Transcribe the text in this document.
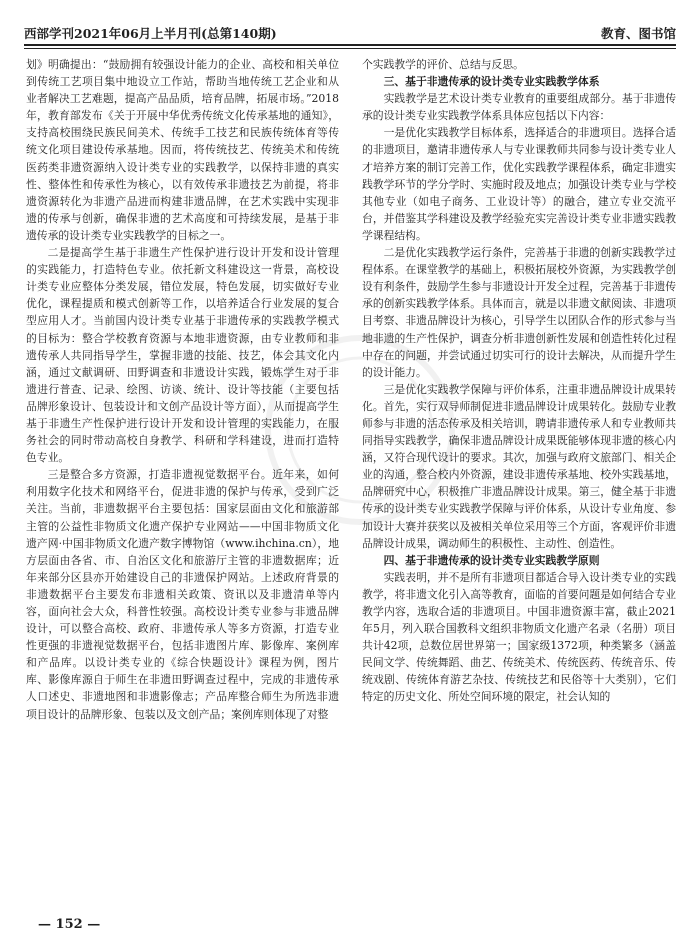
西部学刊2021年06月上半月刊(总第140期)	教育、图书馆

划》明确提出：“鼓励拥有较强设计能力的企业、高校和相关单位到传统工艺项目集中地设立工作站，帮助当地传统工艺企业和从业者解决工艺难题，提高产品品质，培育品牌，拓展市场。”2018年，教育部发布《关于开展中华优秀传统文化传承基地的通知》，支持高校围绕民族民间美术、传统手工技艺和民族传统体育等传统文化项目建设传承基地。因而，将传统技艺、传统美术和传统医药类非遗资源纳入设计类专业的实践教学，以保持非遗的真实性、整体性和传承性为核心，以有效传承非遗技艺为前提，将非遗资源转化为非遗产品进而构建非遗品牌，在艺术实践中实现非遗的传承与创新，确保非遗的艺术高度和可持续发展，是基于非遗传承的设计类专业实践教学的目标之一。

二是提高学生基于非遗生产性保护进行设计开发和设计管理的实践能力，打造特色专业。依托新文科建设这一背景，高校设计类专业应整体分类发展，错位发展，特色发展，切实做好专业优化，课程提质和模式创新等工作，以培养适合行业发展的复合型应用人才。当前国内设计类专业基于非遗传承的实践教学模式的目标为：整合学校教育资源与本地非遗资源，由专业教师和非遗传承人共同指导学生，掌握非遗的技能、技艺，体会其文化内涵，通过文献调研、田野调查和非遗设计实践，锻炼学生对于非遗进行普查、记录、绘图、访谈、统计、设计等技能（主要包括品牌形象设计、包装设计和文创产品设计等方面），从而提高学生基于非遗生产性保护进行设计开发和设计管理的实践能力，在服务社会的同时带动高校自身教学、科研和学科建设，进而打造特色专业。

三是整合多方资源，打造非遗视觉数据平台。近年来，如何利用数字化技术和网络平台，促进非遗的保护与传承，受到广泛关注。当前，非遗数据平台主要包括：国家层面由文化和旅游部主管的公益性非物质文化遗产保护专业网站——中国非物质文化遗产网·中国非物质文化遗产数字博物馆（www.ihchina.cn），地方层面由各省、市、自治区文化和旅游厅主管的非遗数据库；近年来部分区县亦开始建设自己的非遗保护网站。上述政府背景的非遗数据平台主要发布非遗相关政策、资讯以及非遗清单等内容，面向社会大众，科普性较强。高校设计类专业参与非遗品牌设计，可以整合高校、政府、非遗传承人等多方资源，打造专业性更强的非遗视觉数据平台，包括非遗图片库、影像库、案例库和产品库。以设计类专业的《综合快题设计》课程为例，图片库、影像库源自于师生在非遗田野调查过程中，完成的非遗传承人口述史、非遗地图和非遗影像志；产品库整合师生为所选非遗项目设计的品牌形象、包装以及文创产品；案例库则体现了对整

个实践教学的评价、总结与反思。

三、基于非遗传承的设计类专业实践教学体系

实践教学是艺术设计类专业教育的重要组成部分。基于非遗传承的设计类专业实践教学体系具体应包括以下内容：

一是优化实践教学目标体系，选择适合的非遗项目。选择合适的非遗项目，邀请非遗传承人与专业课教师共同参与设计类专业人才培养方案的制订完善工作，优化实践教学课程体系，确定非遗实践教学环节的学分学时、实施时段及地点；加强设计类专业与学校其他专业（如电子商务、工业设计等）的融合，建立专业交流平台，并借鉴其学科建设及教学经验充实完善设计类专业非遗实践教学课程结构。

二是优化实践教学运行条件，完善基于非遗的创新实践教学过程体系。在课堂教学的基础上，积极拓展校外资源，为实践教学创设有利条件，鼓励学生参与非遗设计开发全过程，完善基于非遗传承的创新实践教学体系。具体而言，就是以非遗文献阅读、非遗项目考察、非遗品牌设计为核心，引导学生以团队合作的形式参与当地非遗的生产性保护，调查分析非遗创新性发展和创造性转化过程中存在的问题，并尝试通过切实可行的设计去解决，从而提升学生的设计能力。

三是优化实践教学保障与评价体系，注重非遗品牌设计成果转化。首先，实行双导师制促进非遗品牌设计成果转化。鼓励专业教师参与非遗的活态传承及相关培训，聘请非遗传承人和专业教师共同指导实践教学，确保非遗品牌设计成果既能够体现非遗的核心内涵，又符合现代设计的要求。其次，加强与政府文旅部门、相关企业的沟通，整合校内外资源，建设非遗传承基地、校外实践基地，品牌研究中心，积极推广非遗品牌设计成果。第三，健全基于非遗传承的设计类专业实践教学保障与评价体系，从设计专业角度、参加设计大赛并获奖以及被相关单位采用等三个方面，客观评价非遗品牌设计成果，调动师生的积极性、主动性、创造性。

四、基于非遗传承的设计类专业实践教学原则

实践表明，并不是所有非遗项目都适合导入设计类专业的实践教学，将非遗文化引入高等教育，面临的首要问题是如何结合专业教学内容，选取合适的非遗项目。中国非遗资源丰富，截止2021年5月，列入联合国教科文组织非物质文化遗产名录（名册）项目共计42项，总数位居世界第一；国家级1372项，种类繁多（涵盖民间文学、传统舞蹈、曲艺、传统美术、传统医药、传统音乐、传统戏剧、传统体育游艺杂技、传统技艺和民俗等十大类别），它们特定的历史文化、所处空间环境的限定，社会认知的

— 152 —
